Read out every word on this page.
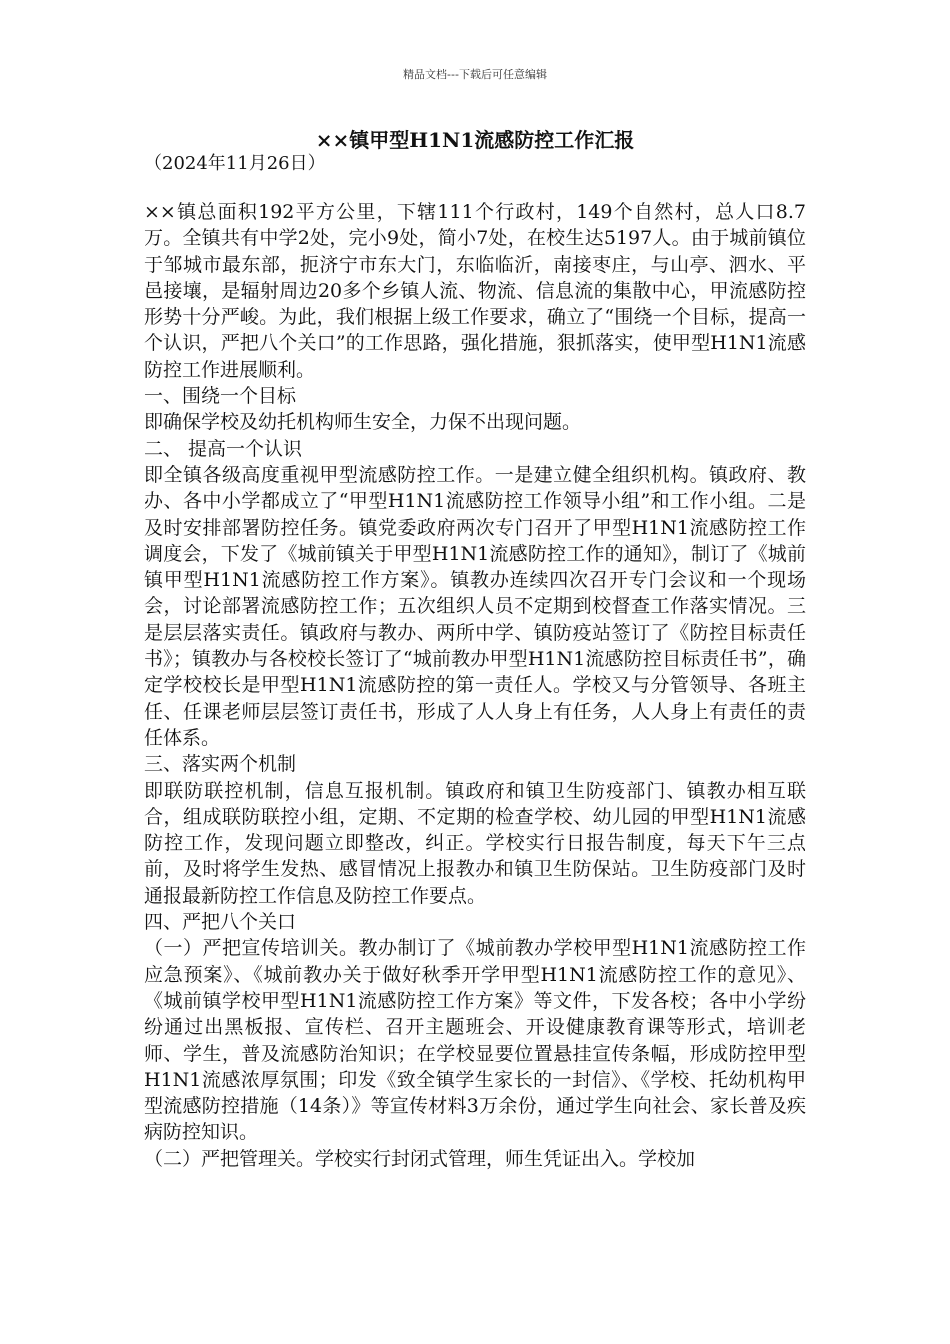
精品文档---下载后可任意编辑
××镇甲型H1N1流感防控工作汇报
（2024年11月26日）

××镇总面积192平方公里，下辖111个行政村，149个自然村，总人口8.7万。全镇共有中学2处，完小9处，简小7处，在校生达5197人。由于城前镇位于邹城市最东部，扼济宁市东大门，东临临沂，南接枣庄，与山亭、泗水、平邑接壤，是辐射周边20多个乡镇人流、物流、信息流的集散中心，甲流感防控形势十分严峻。为此，我们根据上级工作要求，确立了“围绕一个目标，提高一个认识，严把八个关口”的工作思路，强化措施，狠抓落实，使甲型H1N1流感防控工作进展顺利。

一、围绕一个目标

即确保学校及幼托机构师生安全，力保不出现问题。

二、 提高一个认识

即全镇各级高度重视甲型流感防控工作。一是建立健全组织机构。镇政府、教办、各中小学都成立了“甲型H1N1流感防控工作领导小组”和工作小组。二是及时安排部署防控任务。镇党委政府两次专门召开了甲型H1N1流感防控工作调度会，下发了《城前镇关于甲型H1N1流感防控工作的通知》，制订了《城前镇甲型H1N1流感防控工作方案》。镇教办连续四次召开专门会议和一个现场会，讨论部署流感防控工作；五次组织人员不定期到校督查工作落实情况。三是层层落实责任。镇政府与教办、两所中学、镇防疫站签订了《防控目标责任书》；镇教办与各校校长签订了“城前教办甲型H1N1流感防控目标责任书”，确定学校校长是甲型H1N1流感防控的第一责任人。学校又与分管领导、各班主任、任课老师层层签订责任书，形成了人人身上有任务，人人身上有责任的责任体系。

三、落实两个机制

即联防联控机制，信息互报机制。镇政府和镇卫生防疫部门、镇教办相互联合，组成联防联控小组，定期、不定期的检查学校、幼儿园的甲型H1N1流感防控工作，发现问题立即整改，纠正。学校实行日报告制度，每天下午三点前，及时将学生发热、感冒情况上报教办和镇卫生防保站。卫生防疫部门及时通报最新防控工作信息及防控工作要点。

四、严把八个关口

（一）严把宣传培训关。教办制订了《城前教办学校甲型H1N1流感防控工作应急预案》、《城前教办关于做好秋季开学甲型H1N1流感防控工作的意见》、《城前镇学校甲型H1N1流感防控工作方案》等文件，下发各校；各中小学纷纷通过出黑板报、宣传栏、召开主题班会、开设健康教育课等形式，培训老师、学生，普及流感防治知识；在学校显要位置悬挂宣传条幅，形成防控甲型H1N1流感浓厚氛围；印发《致全镇学生家长的一封信》、《学校、托幼机构甲型流感防控措施（14条）》等宣传材料3万余份，通过学生向社会、家长普及疾病防控知识。

（二）严把管理关。学校实行封闭式管理，师生凭证出入。学校加
